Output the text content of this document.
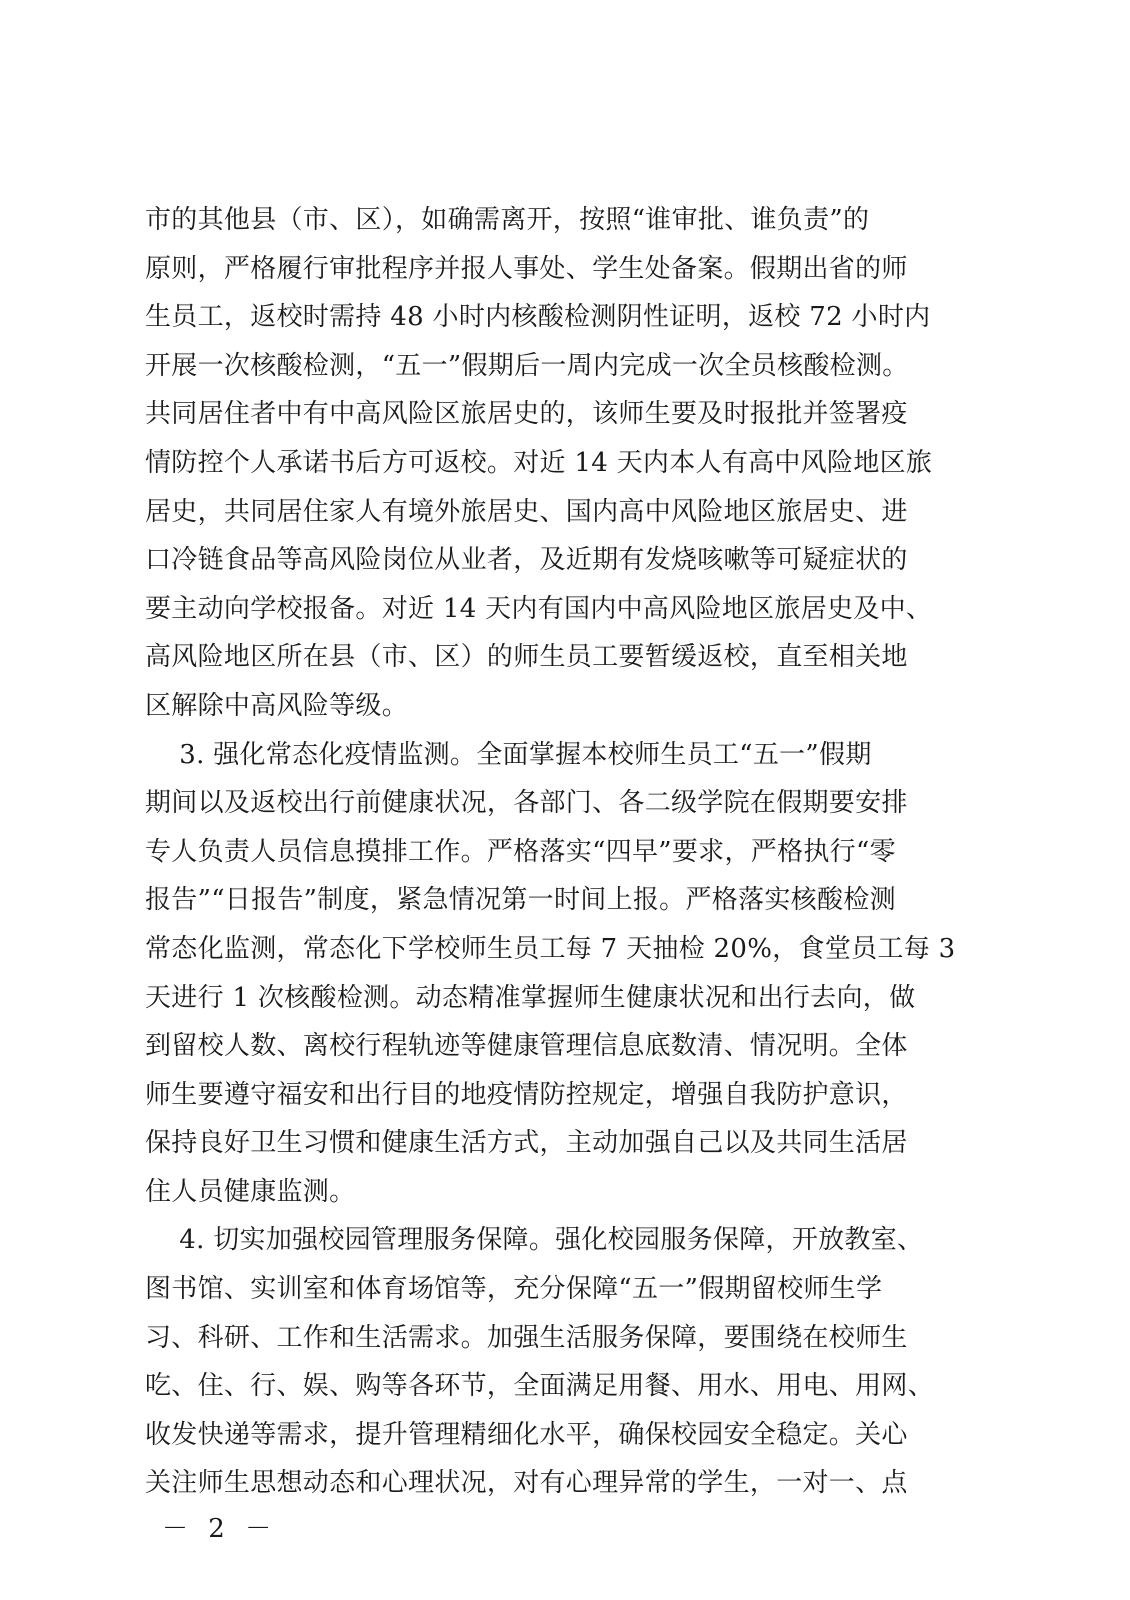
市的其他县（市、区），如确需离开，按照“谁审批、谁负责”的
原则，严格履行审批程序并报人事处、学生处备案。假期出省的师
生员工，返校时需持 48 小时内核酸检测阴性证明，返校 72 小时内
开展一次核酸检测，“五一”假期后一周内完成一次全员核酸检测。
共同居住者中有中高风险区旅居史的，该师生要及时报批并签署疫
情防控个人承诺书后方可返校。对近 14 天内本人有高中风险地区旅
居史，共同居住家人有境外旅居史、国内高中风险地区旅居史、进
口冷链食品等高风险岗位从业者，及近期有发烧咳嗽等可疑症状的
要主动向学校报备。对近 14 天内有国内中高风险地区旅居史及中、
高风险地区所在县（市、区）的师生员工要暂缓返校，直至相关地
区解除中高风险等级。
3. 强化常态化疫情监测。全面掌握本校师生员工“五一”假期
期间以及返校出行前健康状况，各部门、各二级学院在假期要安排
专人负责人员信息摸排工作。严格落实“四早”要求，严格执行“零
报告”“日报告”制度，紧急情况第一时间上报。严格落实核酸检测
常态化监测，常态化下学校师生员工每 7 天抽检 20%，食堂员工每 3
天进行 1 次核酸检测。动态精准掌握师生健康状况和出行去向，做
到留校人数、离校行程轨迹等健康管理信息底数清、情况明。全体
师生要遵守福安和出行目的地疫情防控规定，增强自我防护意识，
保持良好卫生习惯和健康生活方式，主动加强自己以及共同生活居
住人员健康监测。
4. 切实加强校园管理服务保障。强化校园服务保障，开放教室、
图书馆、实训室和体育场馆等，充分保障“五一”假期留校师生学
习、科研、工作和生活需求。加强生活服务保障，要围绕在校师生
吃、住、行、娱、购等各环节，全面满足用餐、用水、用电、用网、
收发快递等需求，提升管理精细化水平，确保校园安全稳定。关心
关注师生思想动态和心理状况，对有心理异常的学生，一对一、点
－ 2 －
